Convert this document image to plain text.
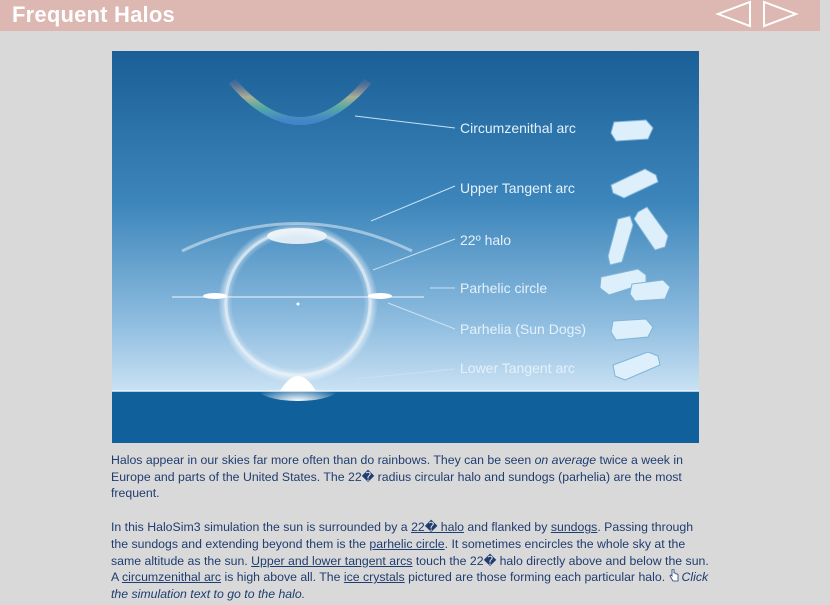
Frequent Halos
Circumzenithal arc
Upper Tangent arc
22º halo
Parhelic circle
Parhelia (Sun Dogs)
Lower Tangent arc

Halos appear in our skies far more often than do rainbows. They can be seen on average twice a week in Europe and parts of the United States. The 22� radius circular halo and sundogs (parhelia) are the most frequent.

In this HaloSim3 simulation the sun is surrounded by a 22� halo and flanked by sundogs. Passing through the sundogs and extending beyond them is the parhelic circle. It sometimes encircles the whole sky at the same altitude as the sun. Upper and lower tangent arcs touch the 22� halo directly above and below the sun. A circumzenithal arc is high above all. The ice crystals pictured are those forming each particular halo. Click the simulation text to go to the halo.
